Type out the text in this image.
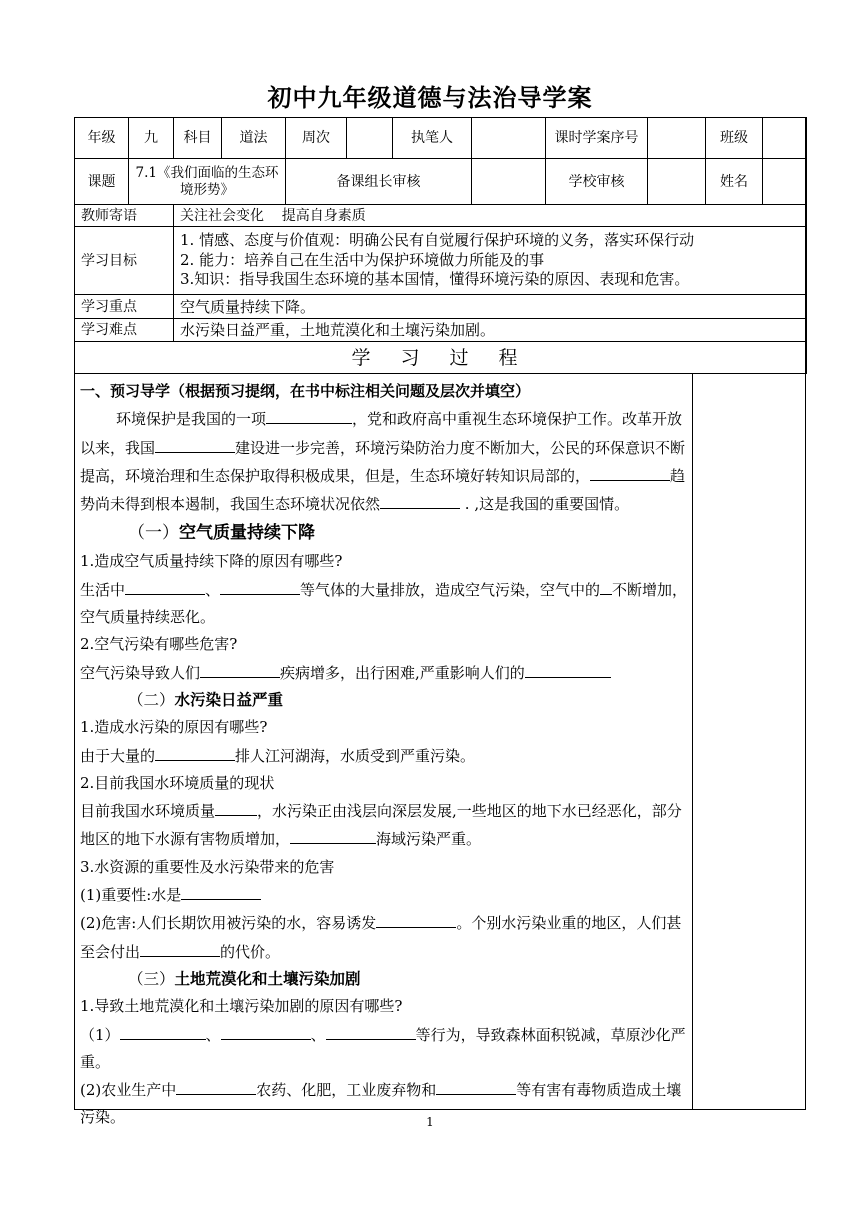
初中九年级道德与法治导学案
年级	九	科目	道法	周次		执笔人		课时学案序号		班级	
课题	7.1《我们面临的生态环境形势》			备课组长审核				学校审核		姓名	
教师寄语		关注社会变化    提高自身素质									
学习目标		1. 情感、态度与价值观：明确公民有自觉履行保护环境的义务，落实环保行动
2. 能力：培养自己在生活中为保护环境做力所能及的事
3.知识：指导我国生态环境的基本国情，懂得环境污染的原因、表现和危害。									

学习重点		空气质量持续下降。									
学习难点		水污染日益严重，土地荒漠化和土壤污染加剧。									
学 习 过 程											

一、预习导学（根据预习提纲，在书中标注相关问题及层次并填空）

环境保护是我国的一项	，党和政府高中重视生态环境保护工作。改革开放以来，我国	建设进一步完善，环境污染防治力度不断加大，公民的环保意识不断提高，环境治理和生态保护取得积极成果，但是，生态环境好转知识局部的，	趋势尚未得到根本遏制，我国生态环境状况依然	. ,这是我国的重要国情。

（一）空气质量持续下降

1.造成空气质量持续下降的原因有哪些?

生活中	、	等气体的大量排放，造成空气污染，空气中的 不断增加，空气质量持续恶化。

2.空气污染有哪些危害?

空气污染导致人们	疾病增多，出行困难,严重影响人们的

（二）水污染日益严重

1.造成水污染的原因有哪些?

由于大量的	排人江河湖海，水质受到严重污染。

2.目前我国水环境质量的现状

目前我国水环境质量	，水污染正由浅层向深层发展,一些地区的地下水已经恶化，部分地区的地下水源有害物质增加，	海域污染严重。

3.水资源的重要性及水污染带来的危害

(1)重要性:水是

(2)危害:人们长期饮用被污染的水，容易诱发	。个别水污染业重的地区，人们甚至会付出	的代价。

（三）土地荒漠化和土壤污染加剧

1.导致土地荒漠化和土壤污染加剧的原因有哪些?

（1）	、	、	等行为，导致森林面积锐减，草原沙化严重。

(2)农业生产中	农药、化肥，工业废弃物和	等有害有毒物质造成土壤污染。	1
